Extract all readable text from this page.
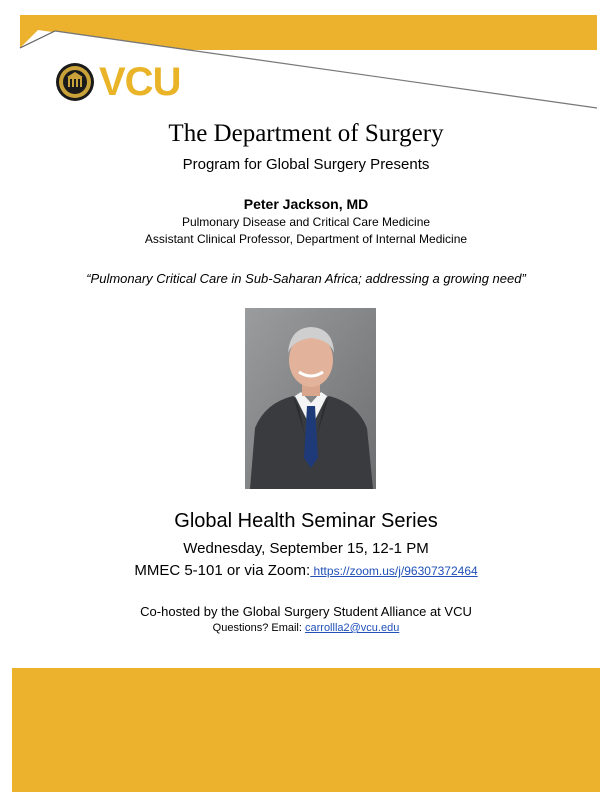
VCU
The Department of Surgery
Program for Global Surgery Presents
Peter Jackson, MD
Pulmonary Disease and Critical Care Medicine
Assistant Clinical Professor, Department of Internal Medicine
“Pulmonary Critical Care in Sub-Saharan Africa; addressing a growing need”
Global Health Seminar Series
Wednesday, September 15, 12-1 PM
MMEC 5-101 or via Zoom: https://zoom.us/j/96307372464
Co-hosted by the Global Surgery Student Alliance at VCU
Questions? Email: carrollla2@vcu.edu
